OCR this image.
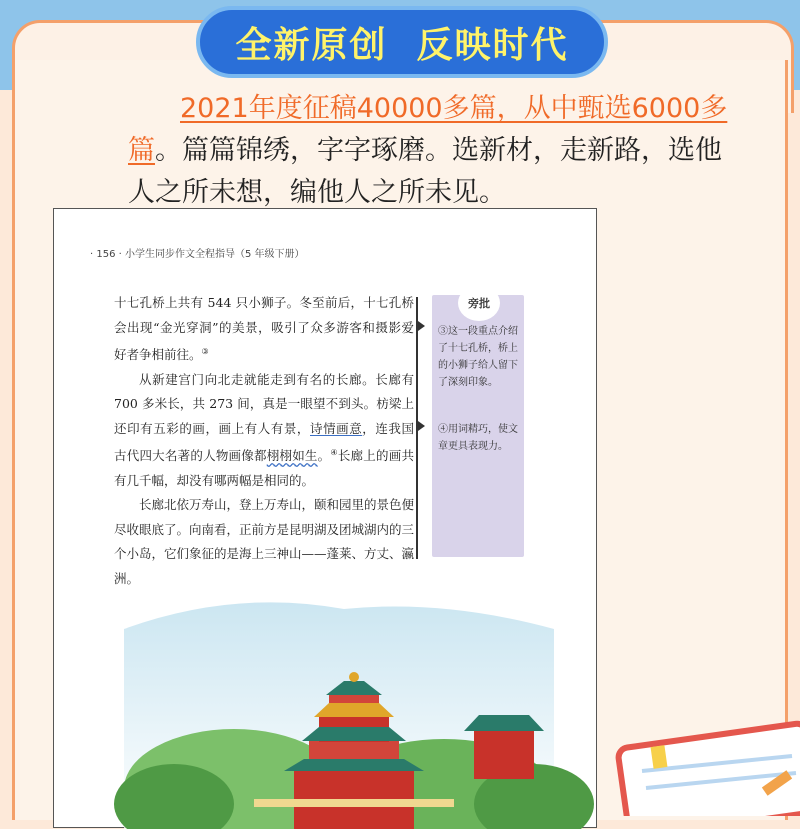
全新原创  反映时代
2021年度征稿40000多篇，从中甄选6000多篇。篇篇锦绣，字字琢磨。选新材，走新路，选他人之所未想，编他人之所未见。
· 156 · 小学生同步作文全程指导（5 年级下册）

十七孔桥上共有 544 只小狮子。冬至前后，十七孔桥会出现“金光穿洞”的美景，吸引了众多游客和摄影爱好者争相前往。③

从新建宫门向北走就能走到有名的长廊。长廊有 700 多米长，共 273 间，真是一眼望不到头。枋梁上还印有五彩的画，画上有人有景，诗情画意，连我国古代四大名著的人物画像都栩栩如生。④长廊上的画共有几千幅，却没有哪两幅是相同的。

长廊北依万寿山，登上万寿山，颐和园里的景色便尽收眼底了。向南看，正前方是昆明湖及团城湖内的三个小岛，它们象征的是海上三神山——蓬莱、方丈、瀛洲。

旁批
③这一段重点介绍了十七孔桥，桥上的小狮子给人留下了深刻印象。
④用词精巧，使文章更具表现力。
